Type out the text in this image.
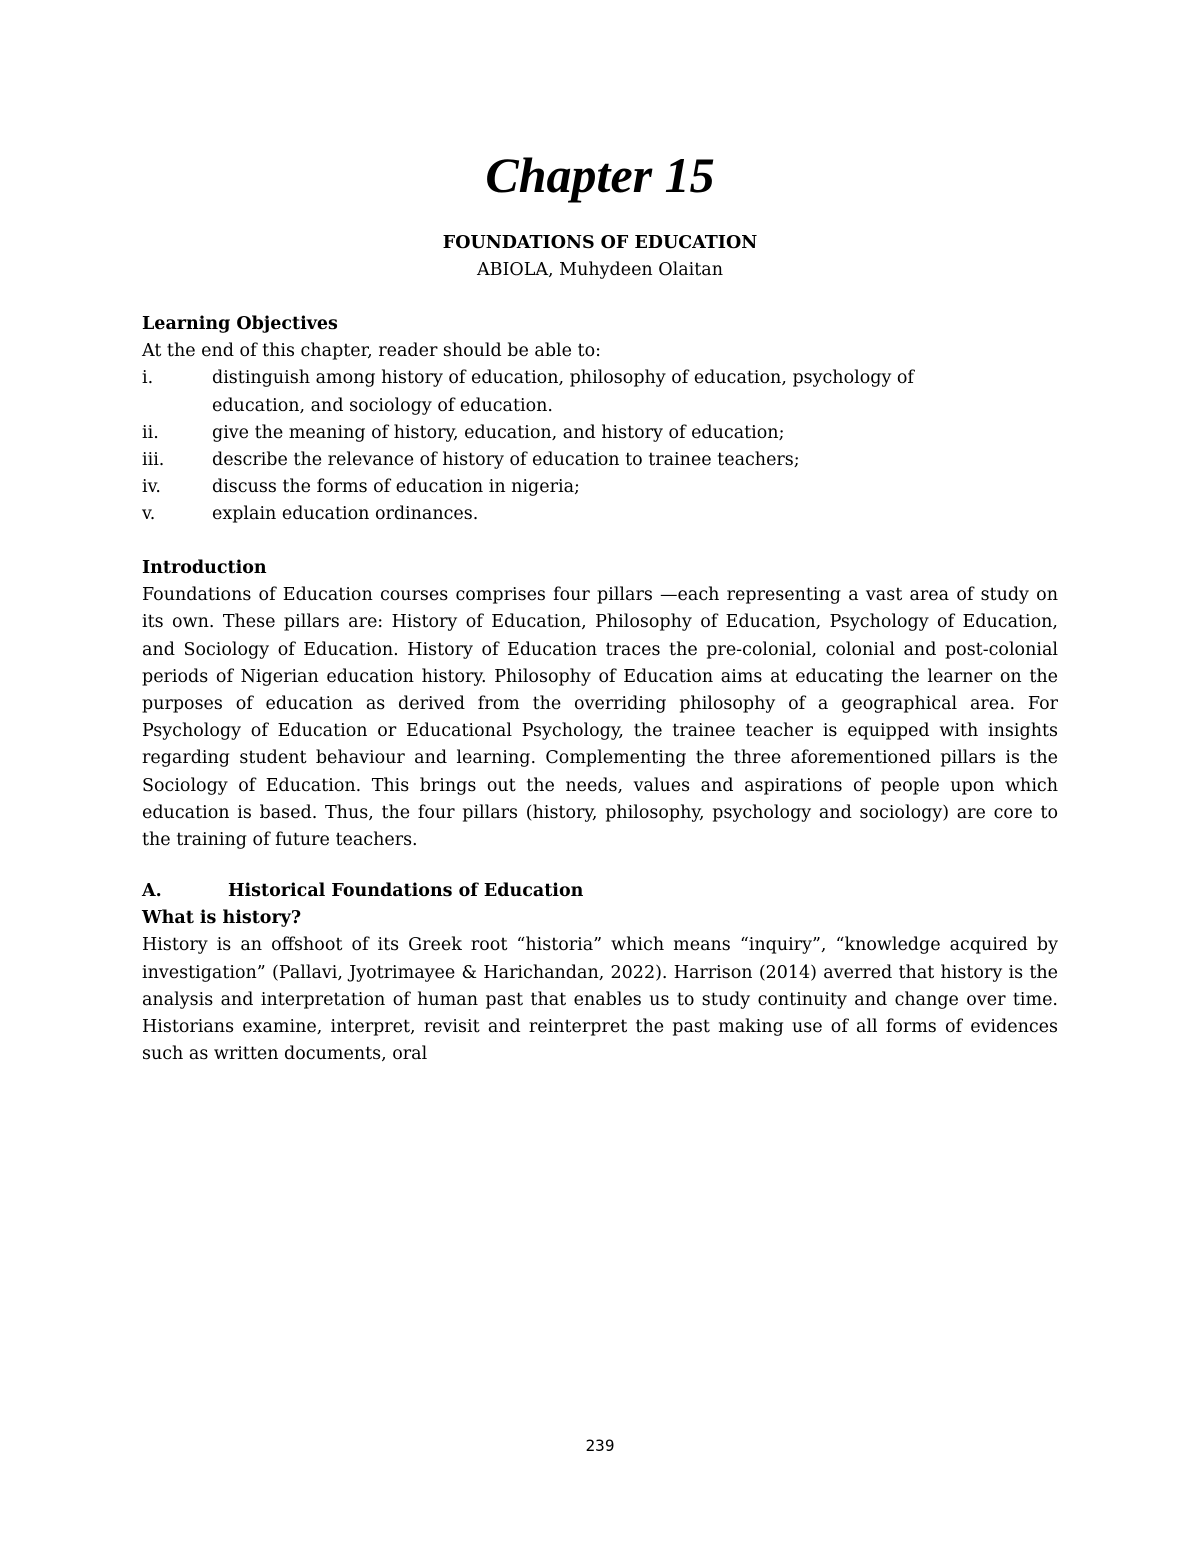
Chapter 15
FOUNDATIONS OF EDUCATION
ABIOLA, Muhydeen Olaitan
Learning Objectives
At the end of this chapter, reader should be able to:
i.	distinguish among history of education, philosophy of education, psychology of education, and sociology of education.
ii.	give the meaning of history, education, and history of education;
iii.	describe the relevance of history of education to trainee teachers;
iv.	discuss the forms of education in nigeria;
v.	explain education ordinances.
Introduction

Foundations of Education courses comprises four pillars —each representing a vast area of study on its own. These pillars are: History of Education, Philosophy of Education, Psychology of Education, and Sociology of Education. History of Education traces the pre-colonial, colonial and post-colonial periods of Nigerian education history. Philosophy of Education aims at educating the learner on the purposes of education as derived from the overriding philosophy of a geographical area. For Psychology of Education or Educational Psychology, the trainee teacher is equipped with insights regarding student behaviour and learning. Complementing the three aforementioned pillars is the Sociology of Education. This brings out the needs, values and aspirations of people upon which education is based. Thus, the four pillars (history, philosophy, psychology and sociology) are core to the training of future teachers.

A.	Historical Foundations of Education
What is history?

History is an offshoot of its Greek root “historia” which means “inquiry”, “knowledge acquired by investigation” (Pallavi, Jyotrimayee & Harichandan, 2022). Harrison (2014) averred that history is the analysis and interpretation of human past that enables us to study continuity and change over time. Historians examine, interpret, revisit and reinterpret the past making use of all forms of evidences such as written documents, oral

239
